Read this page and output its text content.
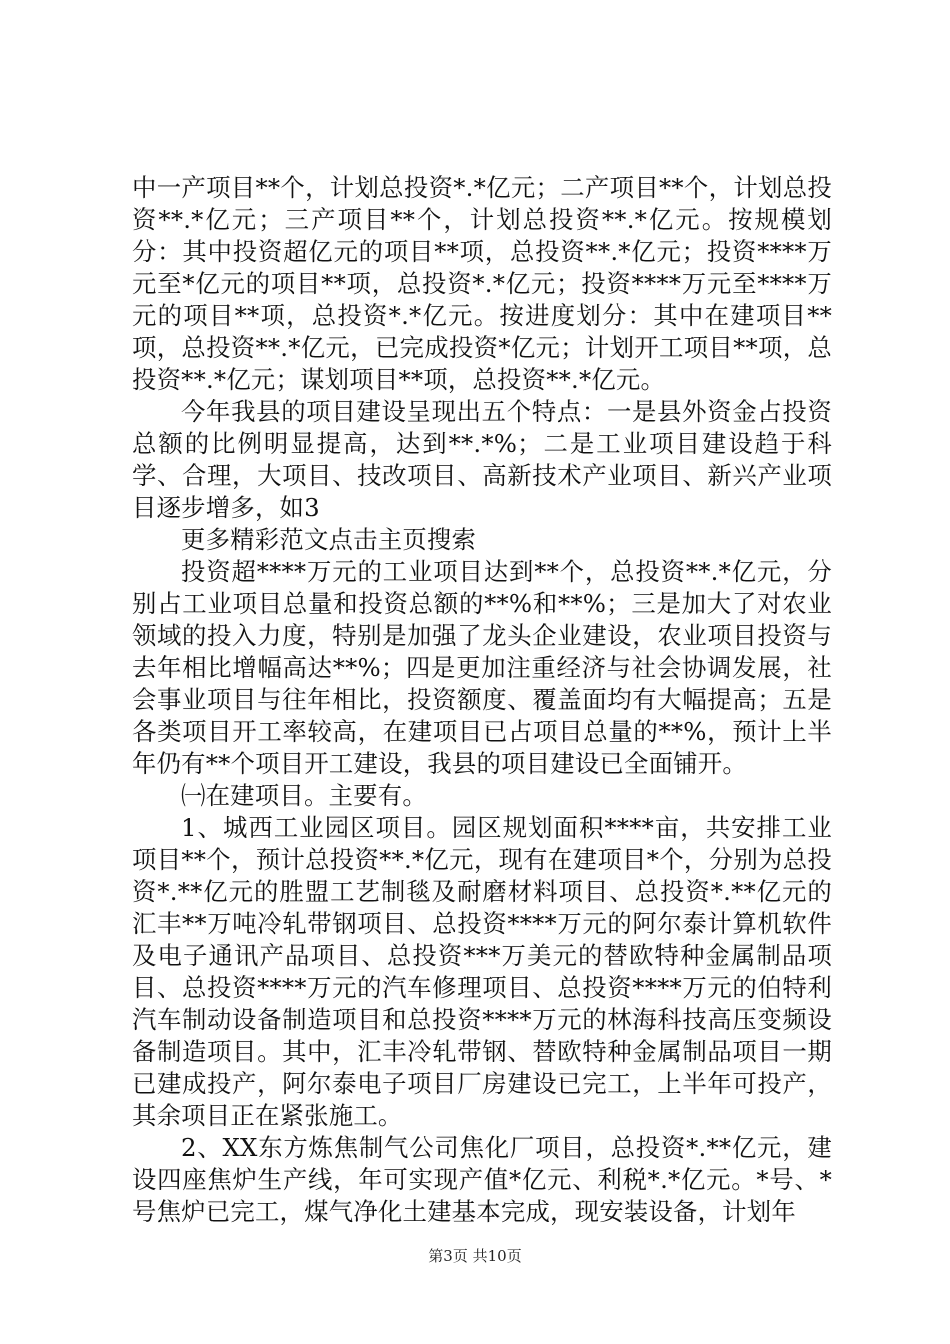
中一产项目**个，计划总投资*.*亿元；二产项目**个，计划总投资**.*亿元；三产项目**个，计划总投资**.*亿元。按规模划分：其中投资超亿元的项目**项，总投资**.*亿元；投资****万元至*亿元的项目**项，总投资*.*亿元；投资****万元至****万元的项目**项，总投资*.*亿元。按进度划分：其中在建项目**项，总投资**.*亿元，已完成投资*亿元；计划开工项目**项，总投资**.*亿元；谋划项目**项，总投资**.*亿元。

今年我县的项目建设呈现出五个特点：一是县外资金占投资总额的比例明显提高，达到**.*%；二是工业项目建设趋于科学、合理，大项目、技改项目、高新技术产业项目、新兴产业项目逐步增多，如3

更多精彩范文点击主页搜索

投资超****万元的工业项目达到**个，总投资**.*亿元，分别占工业项目总量和投资总额的**%和**%；三是加大了对农业领域的投入力度，特别是加强了龙头企业建设，农业项目投资与去年相比增幅高达**%；四是更加注重经济与社会协调发展，社会事业项目与往年相比，投资额度、覆盖面均有大幅提高；五是各类项目开工率较高，在建项目已占项目总量的**%，预计上半年仍有**个项目开工建设，我县的项目建设已全面铺开。

㈠在建项目。主要有。

1、城西工业园区项目。园区规划面积****亩，共安排工业项目**个，预计总投资**.*亿元，现有在建项目*个，分别为总投资*.**亿元的胜盟工艺制毯及耐磨材料项目、总投资*.**亿元的汇丰**万吨冷轧带钢项目、总投资****万元的阿尔泰计算机软件及电子通讯产品项目、总投资***万美元的替欧特种金属制品项目、总投资****万元的汽车修理项目、总投资****万元的伯特利汽车制动设备制造项目和总投资****万元的林海科技高压变频设备制造项目。其中，汇丰冷轧带钢、替欧特种金属制品项目一期已建成投产，阿尔泰电子项目厂房建设已完工，上半年可投产，其余项目正在紧张施工。

2、XX东方炼焦制气公司焦化厂项目，总投资*.**亿元，建设四座焦炉生产线，年可实现产值*亿元、利税*.*亿元。*号、*号焦炉已完工，煤气净化土建基本完成，现安装设备，计划年

第3页 共10页
